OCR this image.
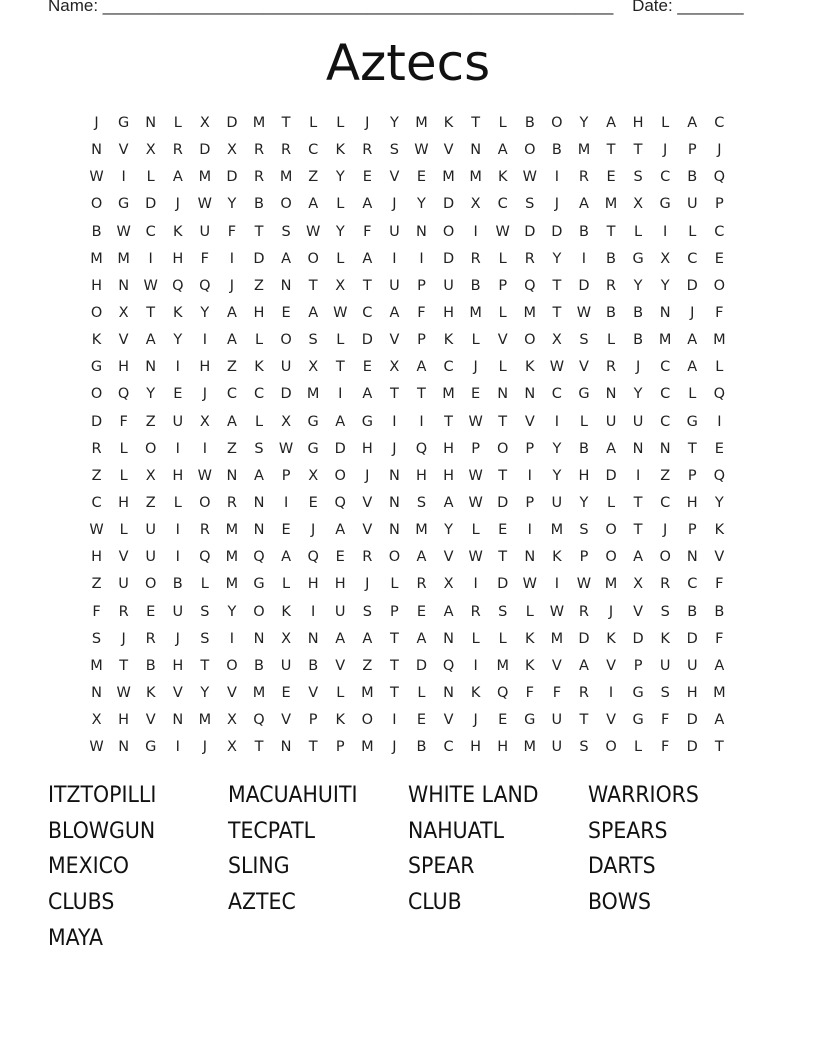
Name: ______________________________________________________ Date: _______
Aztecs
J	G	N	L	X	D	M	T	L	L	J	Y	M	K	T	L	B	O	Y	A	H	L	A	C
N	V	X	R	D	X	R	R	C	K	R	S	W	V	N	A	O	B	M	T	T	J	P	J
W	I	L	A	M	D	R	M	Z	Y	E	V	E	M	M	K	W	I	R	E	S	C	B	Q
O	G	D	J	W	Y	B	O	A	L	A	J	Y	D	X	C	S	J	A	M	X	G	U	P
B	W	C	K	U	F	T	S	W	Y	F	U	N	O	I	W D	D	B	T	L	I	L	C
M	M	I	H	F	I	D	A	O	L	A	I	I	D	R	L	R	Y	I	B	G	X	C	E
H	N W Q	Q	J	Z	N	T	X	T	U	P	U	B	P	Q	T	D	R	Y	Y	D	O
O	X	T	K	Y	A	H	E	A	W	C	A	F	H	M	L	M	T	W	B	B	N	J	F
K	V	A	Y	I	A	L	O	S	L	D	V	P	K	L	V	O	X	S	L	B	M	A	M
G	H	N	I	H	Z	K	U	X	T	E	X	A	C	J	L	K	W	V	R	J	C	A	L
O	Q	Y	E	J	C	C	D	M	I	A	T	T	M	E	N	N	C	G	N	Y	C	L	Q
D	F	Z	U	X	A	L	X	G	A	G	I	I	T	W	T	V	I	L	U	U	C	G	I
R	L	O	I	I	Z	S	W G	D	H	J	Q	H	P	O	P	Y	B	A	N	N	T	E
Z	L	X	H W N	A	P	X	O	J	N	H	H W	T	I	Y	H	D	I	Z	P	Q
C	H	Z	L	O	R	N	I	E	Q	V	N	S	A	W D	P	U	Y	L	T	C	H	Y
W	L	U	I	R	M	N	E	J	A	V	N	M	Y	L	E	I	M	S	O	T	J	P	K
H	V	U	I	Q	M	Q	A	Q	E	R	O	A	V	W	T	N	K	P	O	A	O	N	V
Z	U	O	B	L	M	G	L	H	H	J	L	R	X	I	D W	I	W M	X	R	C	F
F	R	E	U	S	Y	O	K	I	U	S	P	E	A	R	S	L	W	R	J	V	S	B	B
S	J	R	J	S	I	N	X	N	A	A	T	A	N	L	L	K	M	D	K	D	K	D	F
M	T	B	H	T	O	B	U	B	V	Z	T	D	Q	I	M	K	V	A	V	P	U	U	A
N W	K	V	Y	V	M	E	V	L	M	T	L	N	K	Q	F	F	R	I	G	S	H	M
X	H	V	N	M	X	Q	V	P	K	O	I	E	V	J	E	G	U	T	V	G	F	D	A
W N	G	I	J	X	T	N	T	P	M	J	B	C	H	H	M	U	S	O	L	F	D	T
ITZTOPILLI	MACUAHUITI	WHITE LAND	WARRIORS
BLOWGUN	TECPATL	NAHUATL	SPEARS
MEXICO	SLING	SPEAR	DARTS
CLUBS	AZTEC	CLUB	BOWS
MAYA
